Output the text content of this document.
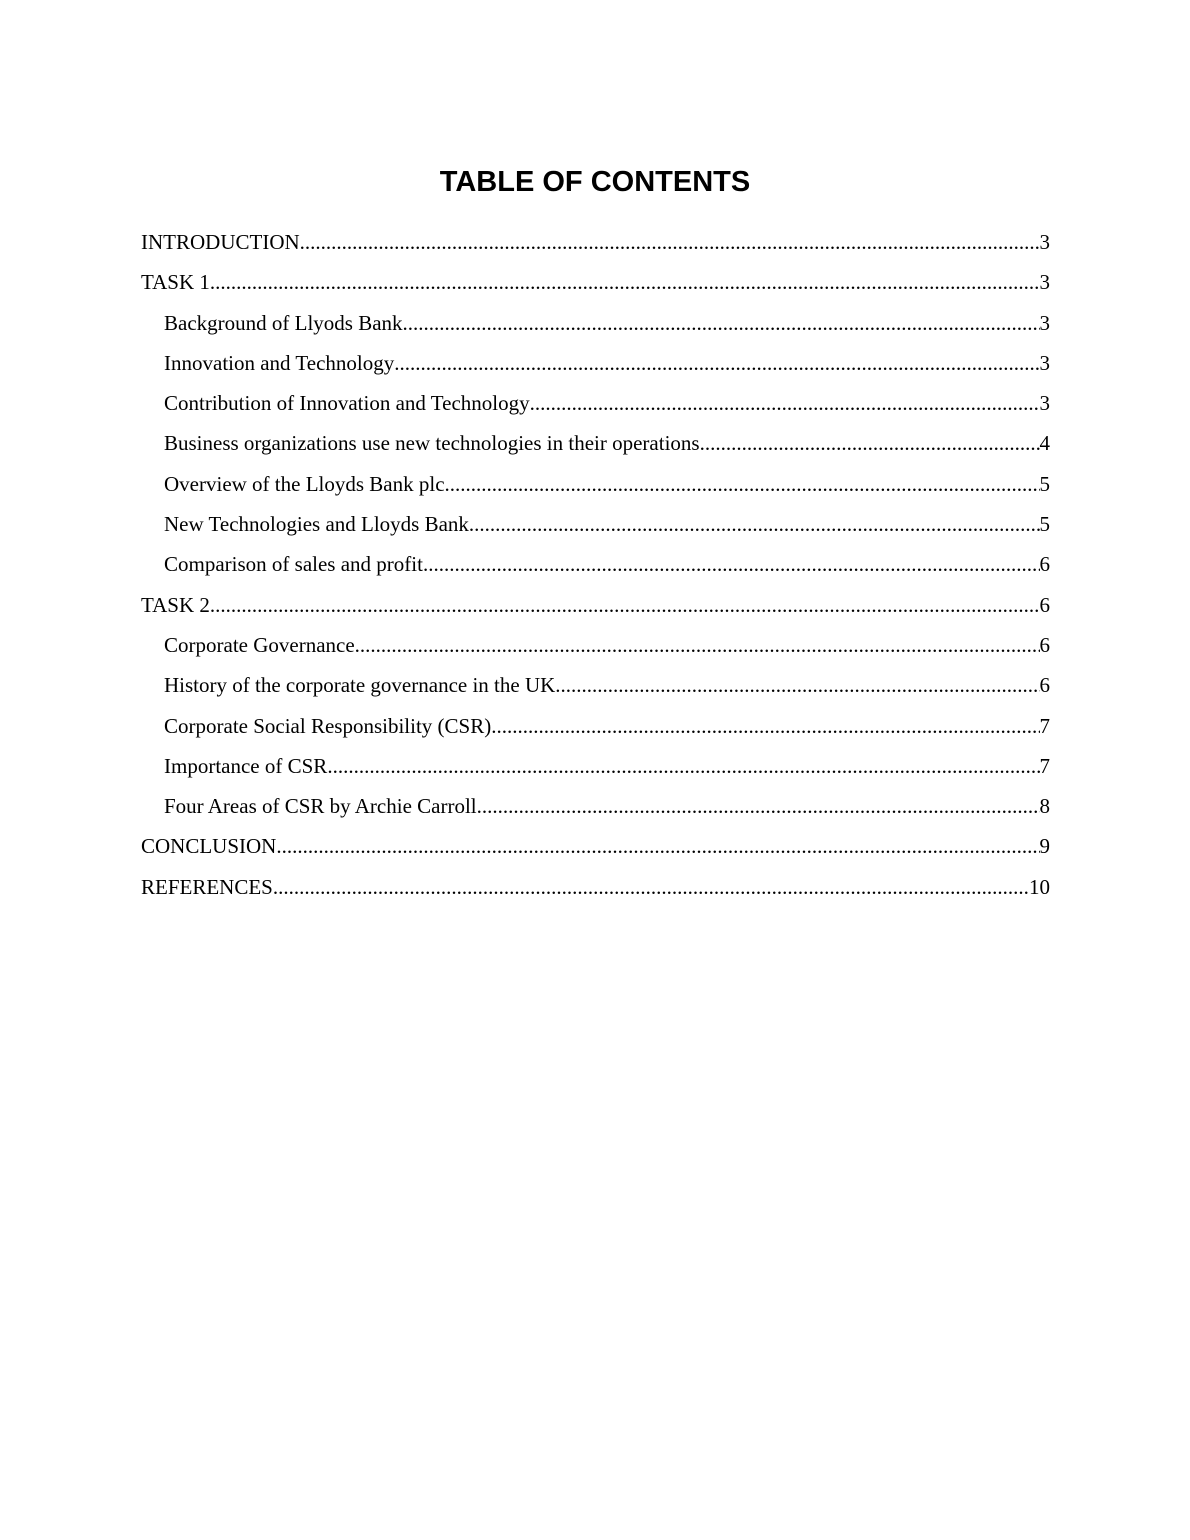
TABLE OF CONTENTS
INTRODUCTION .....	3
TASK 1 .....	3
Background of Llyods Bank .....	3
Innovation and Technology .....	3
Contribution of Innovation and Technology .....	3
Business organizations use new technologies in their operations .....	4
Overview of the Lloyds Bank plc .....	5
New Technologies and Lloyds Bank .....	5
Comparison of sales and profit .....	6
TASK 2 .....	6
Corporate Governance .....	6
History of the corporate governance in the UK .....	6
Corporate Social Responsibility (CSR) .....	7
Importance of CSR .....	7
Four Areas of CSR by Archie Carroll .....	8
CONCLUSION .....	9
REFERENCES .....	10
